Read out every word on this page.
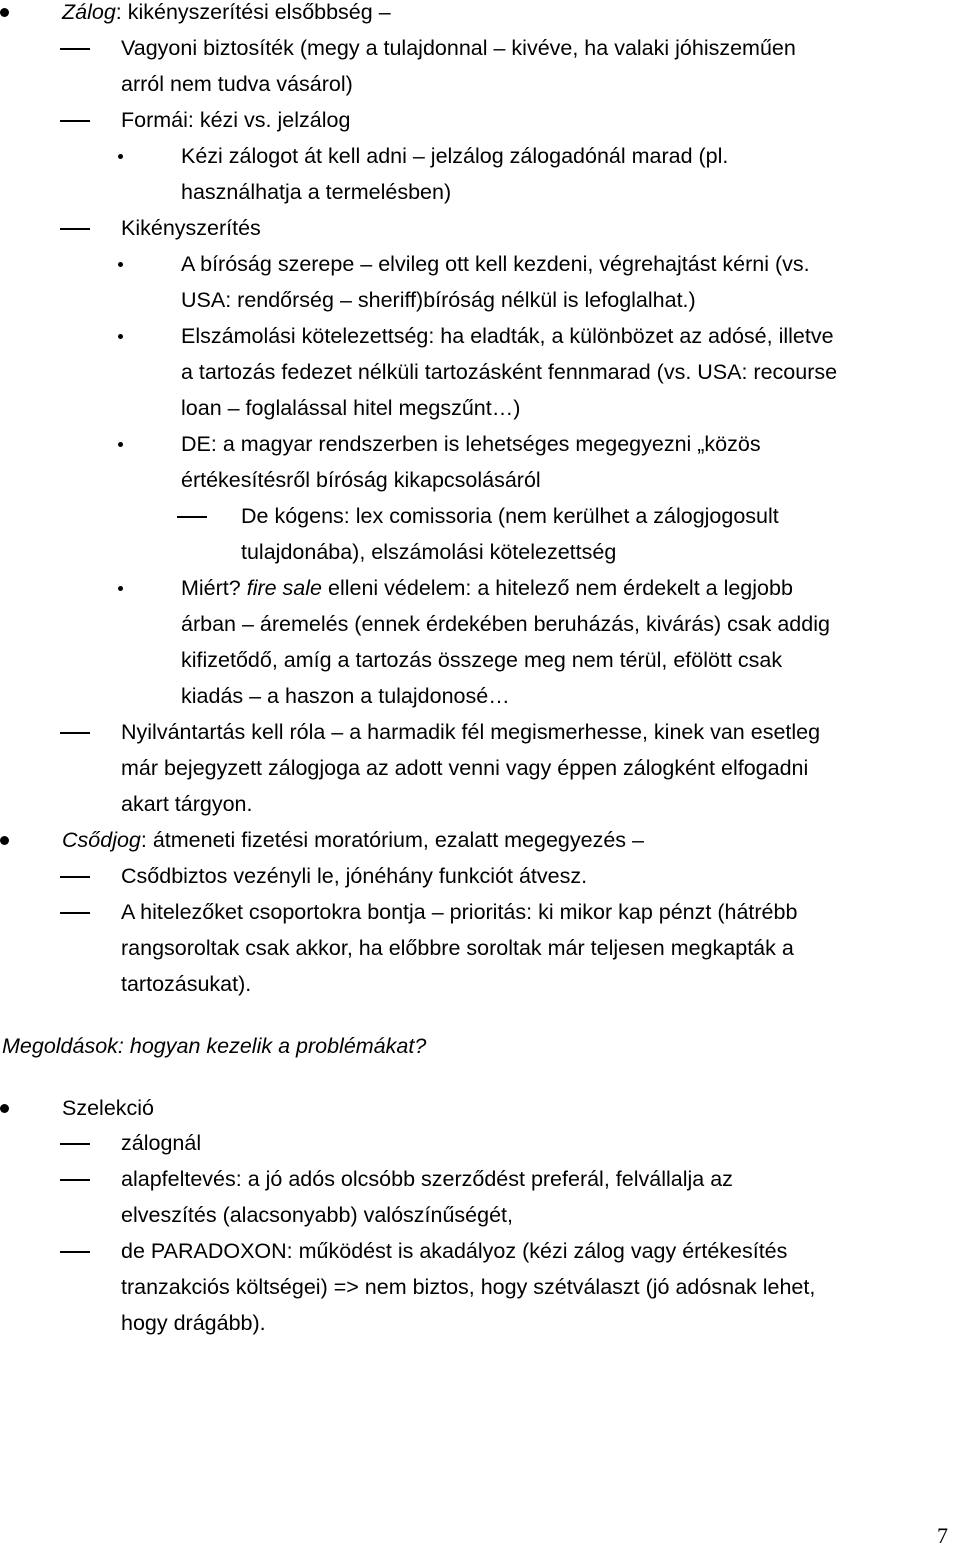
Zálog: kikényszerítési elsőbbség –
Vagyoni biztosíték (megy a tulajdonnal – kivéve, ha valaki jóhiszeműen
arról nem tudva vásárol)
Formái: kézi vs. jelzálog
Kézi zálogot át kell adni – jelzálog zálogadónál marad (pl.
használhatja a termelésben)
Kikényszerítés
A bíróság szerepe – elvileg ott kell kezdeni, végrehajtást kérni (vs.
USA: rendőrség – sheriff)bíróság nélkül is lefoglalhat.)
Elszámolási kötelezettség: ha eladták, a különbözet az adósé, illetve
a tartozás fedezet nélküli tartozásként fennmarad (vs. USA: recourse
loan – foglalással hitel megszűnt…)
DE: a magyar rendszerben is lehetséges megegyezni „közös
értékesítésről bíróság kikapcsolásáról
De kógens: lex comissoria (nem kerülhet a zálogjogosult
tulajdonába), elszámolási kötelezettség
Miért? fire sale elleni védelem: a hitelező nem érdekelt a legjobb
árban – áremelés (ennek érdekében beruházás, kivárás) csak addig
kifizetődő, amíg a tartozás összege meg nem térül, efölött csak
kiadás – a haszon a tulajdonosé…
Nyilvántartás kell róla – a harmadik fél megismerhesse, kinek van esetleg
már bejegyzett zálogjoga az adott venni vagy éppen zálogként elfogadni
akart tárgyon.
Csődjog: átmeneti fizetési moratórium, ezalatt megegyezés –
Csődbiztos vezényli le, jónéhány funkciót átvesz.
A hitelezőket csoportokra bontja – prioritás: ki mikor kap pénzt (hátrébb
rangsoroltak csak akkor, ha előbbre soroltak már teljesen megkapták a
tartozásukat).
Megoldások: hogyan kezelik a problémákat?
Szelekció
zálognál
alapfeltevés: a jó adós olcsóbb szerződést preferál, felvállalja az
elveszítés (alacsonyabb) valószínűségét,
de PARADOXON: működést is akadályoz (kézi zálog vagy értékesítés
tranzakciós költségei) => nem biztos, hogy szétválaszt (jó adósnak lehet,
hogy drágább).
7
